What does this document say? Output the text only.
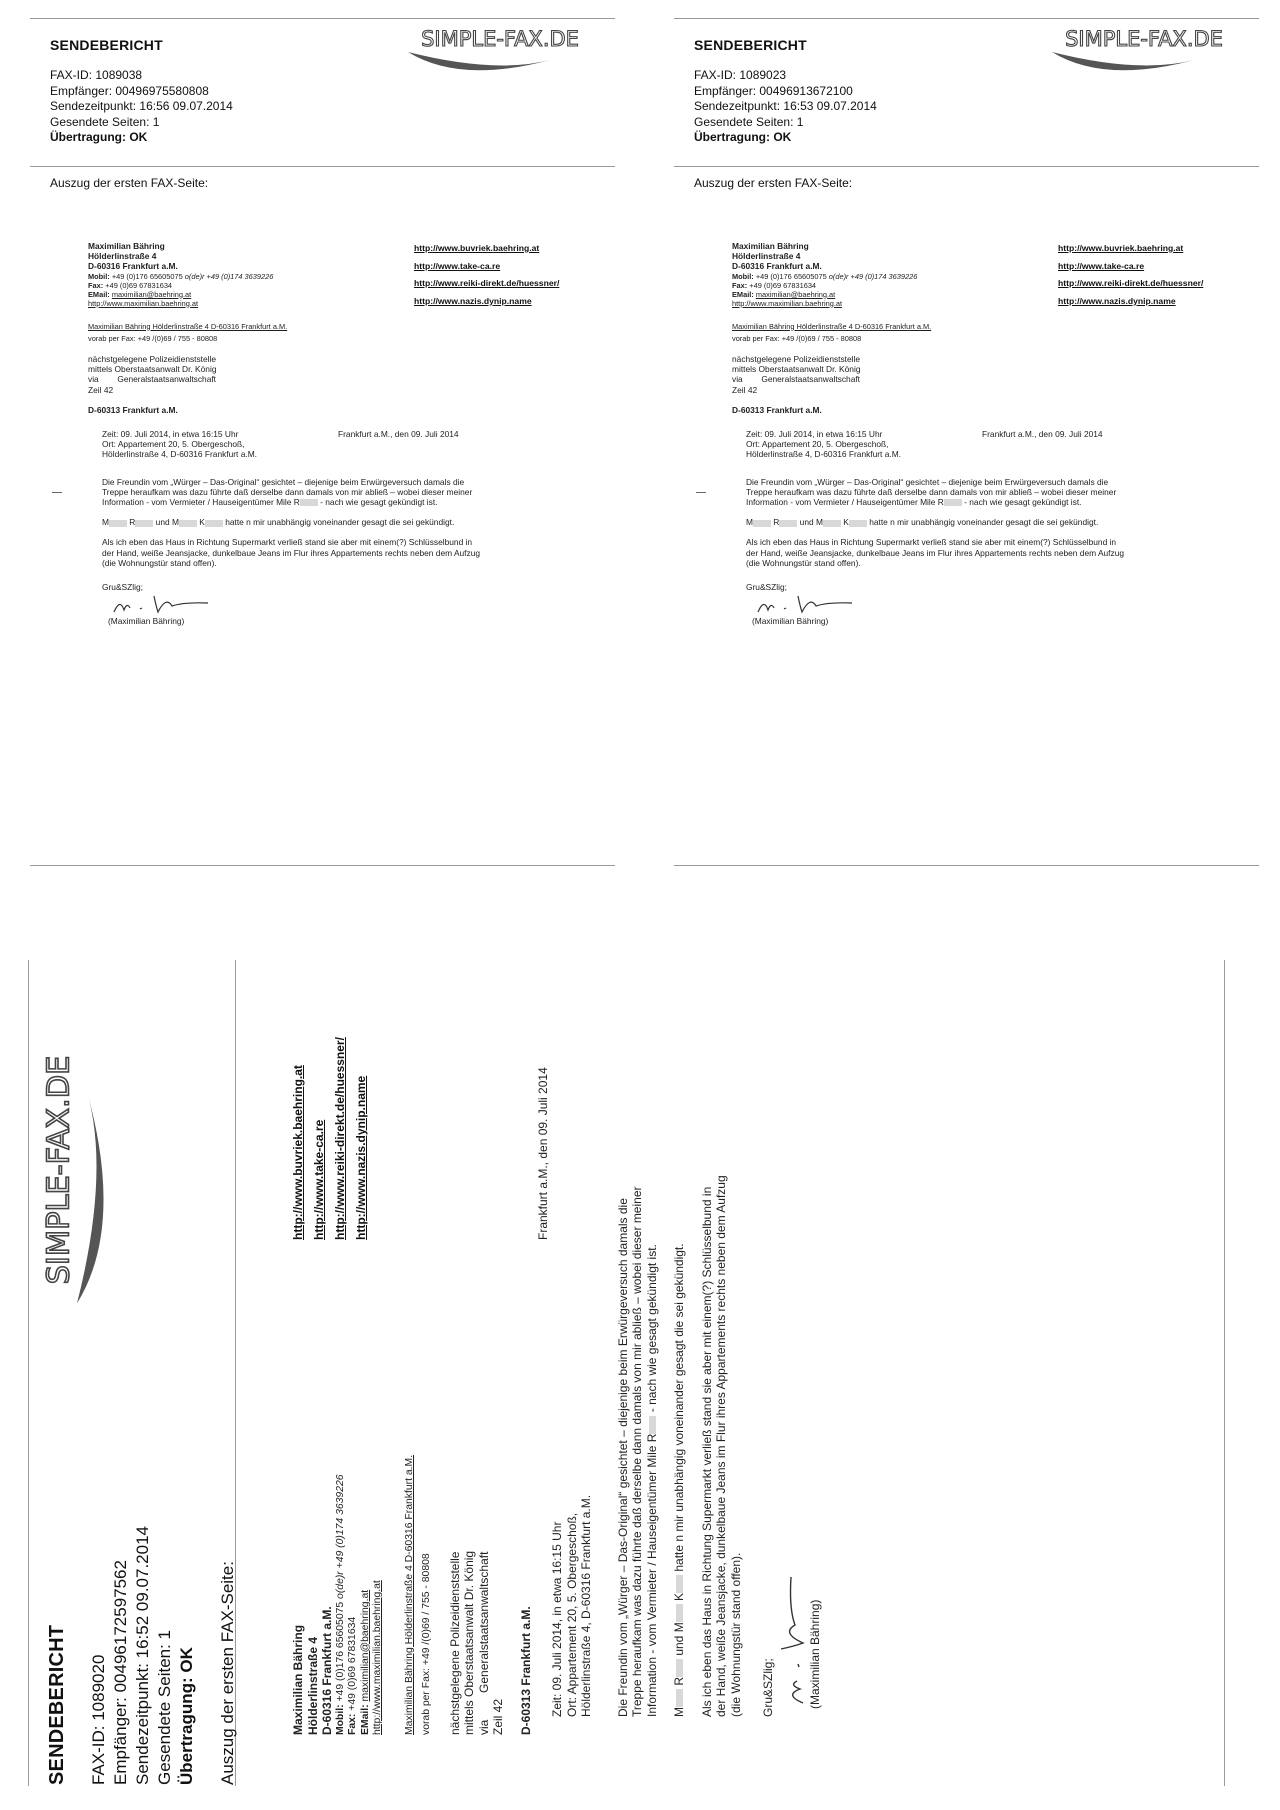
SENDEBERICHT	SIMPLE-FAX.DE
FAX-ID: 1089038
Empfänger: 00496975580808
Sendezeitpunkt: 16:56 09.07.2014
Gesendete Seiten: 1
Übertragung: OK
Auszug der ersten FAX-Seite:
Maximilian Bähring
Hölderlinstraße 4
D-60316 Frankfurt a.M.
Mobil: +49 (0)176 65605075 o(de)r +49 (0)174 3639226
Fax: +49 (0)69 67831634
EMail: maximilian@baehring.at
http://www.maximilian.baehring.at
Maximilian Bähring Hölderlinstraße 4 D-60316 Frankfurt a.M.
vorab per Fax: +49 /(0)69 / 755 - 80808
nächstgelegene Polizeidienststelle
mittels Oberstaatsanwalt Dr. König
via        Generalstaatsanwaltschaft
Zeil 42
D-60313 Frankfurt a.M.
Frankfurt a.M., den 09. Juli 2014
Zeit: 09. Juli 2014, in etwa 16:15 Uhr
Ort: Appartement 20, 5. Obergeschoß,
Hölderlinstraße 4, D-60316 Frankfurt a.M.
Die Freundin vom „Würger – Das-Original“ gesichtet – diejenige beim Erwürgeversuch damals die
Treppe heraufkam was dazu führte daß derselbe dann damals von mir abließ – wobei dieser meiner
Information - vom Vermieter / Hauseigentümer Mile R - nach wie gesagt gekündigt ist.
M R und M K hatte n mir unabhängig voneinander gesagt die sei gekündigt.
Als ich eben das Haus in Richtung Supermarkt verließ stand sie aber mit einem(?) Schlüsselbund in
der Hand, weiße Jeansjacke, dunkelbaue Jeans im Flur ihres Appartements rechts neben dem Aufzug
(die Wohnungstür stand offen).
Gru&SZlig;
(Maximilian Bähring)
http://www.buvriek.baehring.at
http://www.take-ca.re
http://www.reiki-direkt.de/huessner/
http://www.nazis.dynip.name
SENDEBERICHT	SIMPLE-FAX.DE
FAX-ID: 1089023
Empfänger: 00496913672100
Sendezeitpunkt: 16:53 09.07.2014
Gesendete Seiten: 1
Übertragung: OK
Auszug der ersten FAX-Seite:
Maximilian Bähring
Hölderlinstraße 4
D-60316 Frankfurt a.M.
Mobil: +49 (0)176 65605075 o(de)r +49 (0)174 3639226
Fax: +49 (0)69 67831634
EMail: maximilian@baehring.at
http://www.maximilian.baehring.at
Maximilian Bähring Hölderlinstraße 4 D-60316 Frankfurt a.M.
vorab per Fax: +49 /(0)69 / 755 - 80808
nächstgelegene Polizeidienststelle
mittels Oberstaatsanwalt Dr. König
via        Generalstaatsanwaltschaft
Zeil 42
D-60313 Frankfurt a.M.
Frankfurt a.M., den 09. Juli 2014
Zeit: 09. Juli 2014, in etwa 16:15 Uhr
Ort: Appartement 20, 5. Obergeschoß,
Hölderlinstraße 4, D-60316 Frankfurt a.M.
Die Freundin vom „Würger – Das-Original“ gesichtet – diejenige beim Erwürgeversuch damals die
Treppe heraufkam was dazu führte daß derselbe dann damals von mir abließ – wobei dieser meiner
Information - vom Vermieter / Hauseigentümer Mile R - nach wie gesagt gekündigt ist.
M R und M K hatte n mir unabhängig voneinander gesagt die sei gekündigt.
Als ich eben das Haus in Richtung Supermarkt verließ stand sie aber mit einem(?) Schlüsselbund in
der Hand, weiße Jeansjacke, dunkelbaue Jeans im Flur ihres Appartements rechts neben dem Aufzug
(die Wohnungstür stand offen).
Gru&SZlig;
(Maximilian Bähring)
http://www.buvriek.baehring.at
http://www.take-ca.re
http://www.reiki-direkt.de/huessner/
http://www.nazis.dynip.name
SENDEBERICHT FAX-ID: 1089020 Empfänger: 00496172597562 Sendezeitpunkt: 16:52 09.07.2014 Gesendete Seiten: 1 Übertragung: OK
SIMPLE-FAX.DE
Auszug der ersten FAX-Seite:	Maximilian Bähring Hölderlinstraße 4 D-60316 Frankfurt a.M. Mobil: +49 (0)176 65605075 o(de)r +49 (0)174 3639226
Fax: +49 (0)69 67831634
EMail: maximilian@baehring.at http://www.maximilian.baehring.at Maximilian Bähring Hölderlinstraße 4 D-60316 Frankfurt a.M. vorab per Fax: +49 /(0)69 / 755 - 80808 nächstgelegene Polizeidienststelle mittels Oberstaatsanwalt Dr. König via        Generalstaatsanwaltschaft Zeil 42 D-60313 Frankfurt a.M.
Frankfurt a.M., den 09. Juli 2014
Zeit: 09. Juli 2014, in etwa 16:15 Uhr Ort: Appartement 20, 5. Obergeschoß, Hölderlinstraße 4, D-60316 Frankfurt a.M. Die Freundin vom „Würger – Das-Original“ gesichtet – diejenige beim Erwürgeversuch damals die Treppe heraufkam was dazu führte daß derselbe dann damals von mir abließ – wobei dieser meiner Information - vom Vermieter / Hauseigentümer Mile R - nach wie gesagt gekündigt ist.
M R und M K hatte n mir unabhängig voneinander gesagt die sei gekündigt. Als ich eben das Haus in Richtung Supermarkt verließ stand sie aber mit einem(?) Schlüsselbund in der Hand, weiße Jeansjacke, dunkelbaue Jeans im Flur ihres Appartements rechts neben dem Aufzug (die Wohnungstür stand offen). Gru&SZlig;	(Maximilian Bähring)
http://www.buvriek.baehring.at http://www.take-ca.re http://www.reiki-direkt.de/huessner/ http://www.nazis.dynip.name
